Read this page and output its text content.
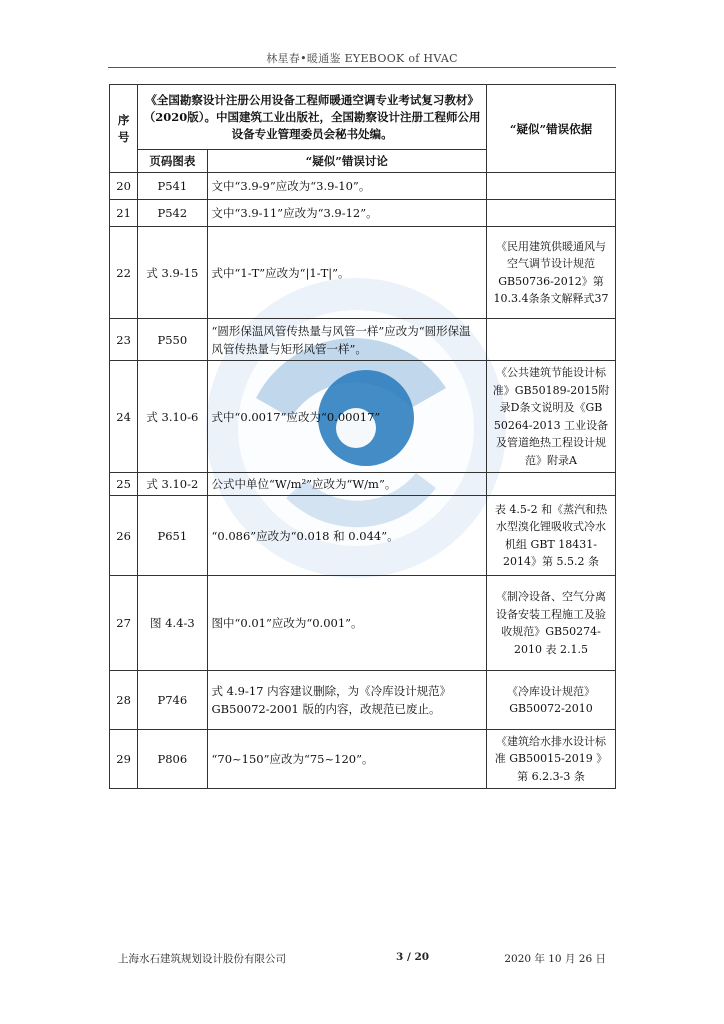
林星春•暖通鉴 EYEBOOK of HVAC
序号	《全国勘察设计注册公用设备工程师暖通空调专业考试复习教材》（2020版）。中国建筑工业出版社，全国勘察设计注册工程师公用设备专业管理委员会秘书处编。		“疑似”错误依据
	页码图表	“疑似”错误讨论	
20	P541	文中“3.9-9”应改为“3.9-10”。	
21	P542	文中“3.9-11”应改为“3.9-12”。	
22	式 3.9-15	式中“1-T”应改为“|1-T|”。	《民用建筑供暖通风与空气调节设计规范GB50736-2012》第10.3.4条条文解释式37
23	P550	“圆形保温风管传热量与风管一样”应改为“圆形保温风管传热量与矩形风管一样”。	
24	式 3.10-6	式中“0.0017”应改为“0.00017”	《公共建筑节能设计标准》GB50189-2015附录D条文说明及《GB 50264-2013 工业设备及管道绝热工程设计规范》附录A
25	式 3.10-2	公式中单位“W/m²”应改为“W/m”。	
26	P651	“0.086”应改为“0.018 和 0.044”。	表 4.5-2 和《蒸汽和热水型溴化锂吸收式冷水机组 GBT 18431-2014》第 5.5.2 条
27	图 4.4-3	图中“0.01”应改为“0.001”。	《制冷设备、空气分离设备安装工程施工及验收规范》GB50274-2010 表 2.1.5
28	P746	式 4.9-17 内容建议删除，为《冷库设计规范》GB50072-2001 版的内容，改规范已废止。	《冷库设计规范》GB50072-2010
29	P806	“70~150”应改为“75~120”。	《建筑给水排水设计标准 GB50015-2019 》第 6.2.3-3 条
上海水石建筑规划设计股份有限公司	3 / 20	2020 年 10 月 26 日
